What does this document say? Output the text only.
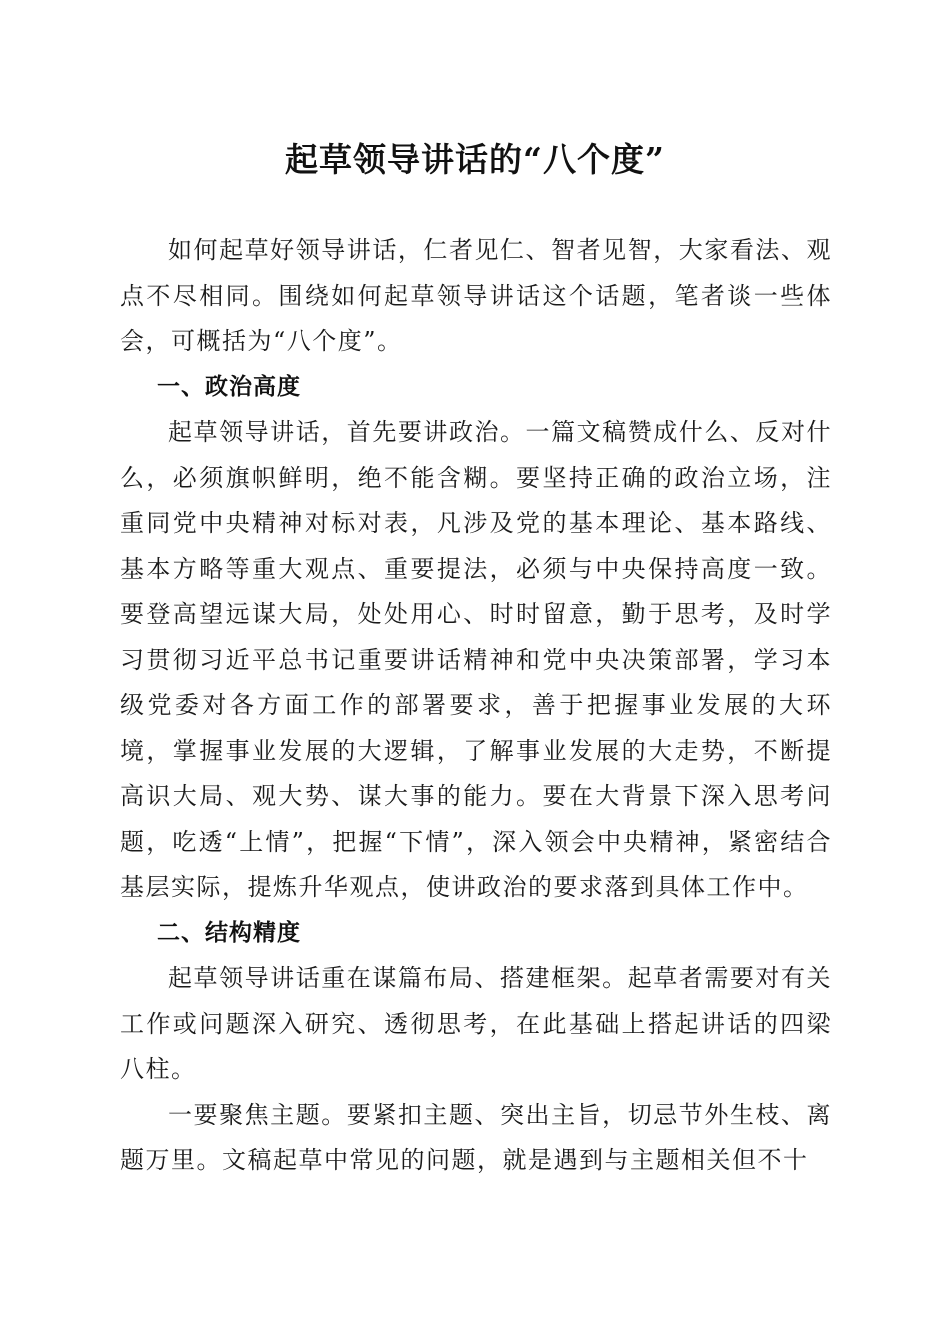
起草领导讲话的“八个度”

如何起草好领导讲话，仁者见仁、智者见智，大家看法、观点不尽相同。围绕如何起草领导讲话这个话题，笔者谈一些体会，可概括为“八个度”。

一、政治高度

起草领导讲话，首先要讲政治。一篇文稿赞成什么、反对什么，必须旗帜鲜明，绝不能含糊。要坚持正确的政治立场，注重同党中央精神对标对表，凡涉及党的基本理论、基本路线、基本方略等重大观点、重要提法，必须与中央保持高度一致。要登高望远谋大局，处处用心、时时留意，勤于思考，及时学习贯彻习近平总书记重要讲话精神和党中央决策部署，学习本级党委对各方面工作的部署要求，善于把握事业发展的大环境，掌握事业发展的大逻辑，了解事业发展的大走势，不断提高识大局、观大势、谋大事的能力。要在大背景下深入思考问题，吃透“上情”，把握“下情”，深入领会中央精神，紧密结合基层实际，提炼升华观点，使讲政治的要求落到具体工作中。

二、结构精度

起草领导讲话重在谋篇布局、搭建框架。起草者需要对有关工作或问题深入研究、透彻思考，在此基础上搭起讲话的四梁八柱。

一要聚焦主题。要紧扣主题、突出主旨，切忌节外生枝、离题万里。文稿起草中常见的问题，就是遇到与主题相关但不十
